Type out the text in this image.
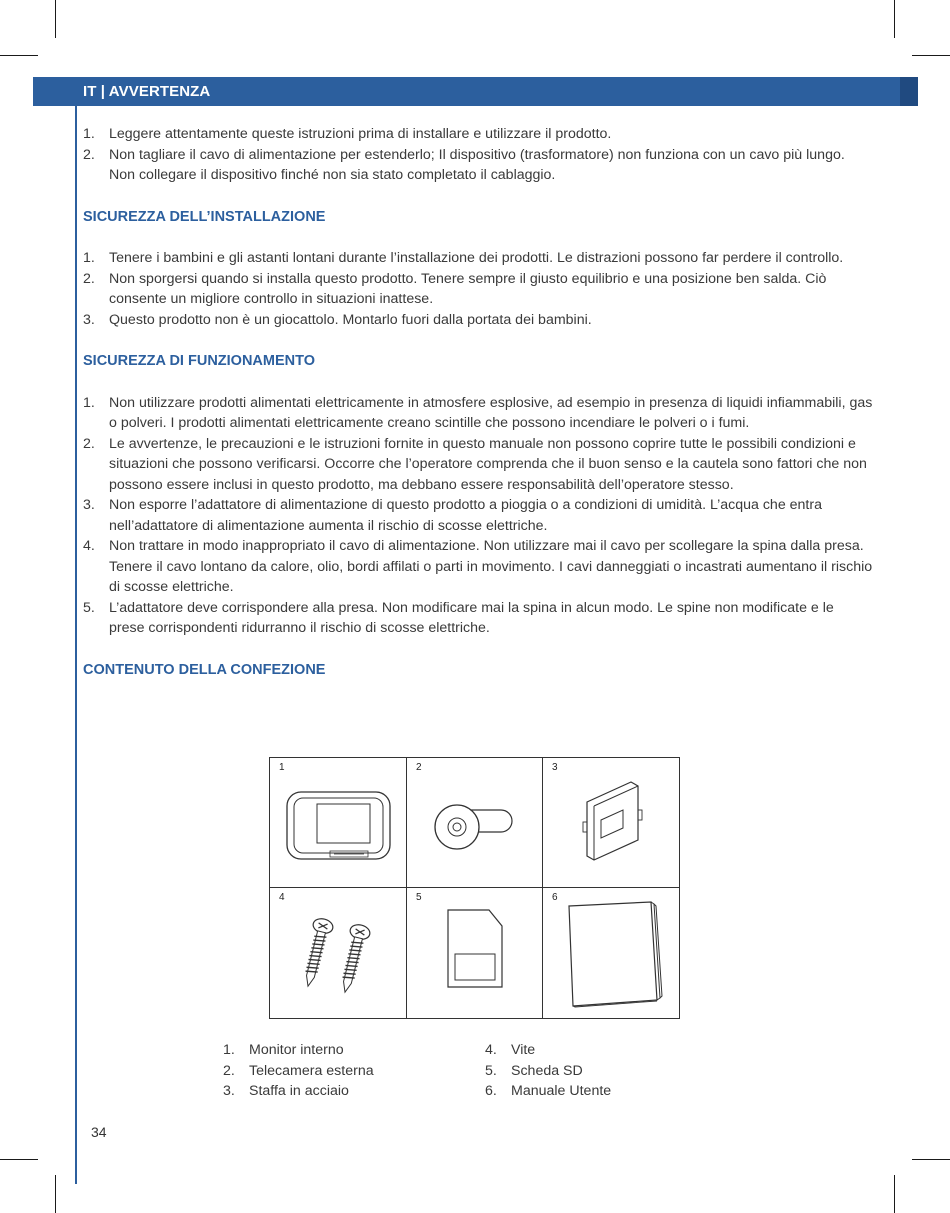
IT | AVVERTENZA
1. Leggere attentamente queste istruzioni prima di installare e utilizzare il prodotto.
2. Non tagliare il cavo di alimentazione per estenderlo; Il dispositivo (trasformatore) non funziona con un cavo più lungo. Non collegare il dispositivo finché non sia stato completato il cablaggio.
SICUREZZA DELL’INSTALLAZIONE
1. Tenere i bambini e gli astanti lontani durante l’installazione dei prodotti. Le distrazioni possono far perdere il controllo.
2. Non sporgersi quando si installa questo prodotto. Tenere sempre il giusto equilibrio e una posizione ben salda. Ciò consente un migliore controllo in situazioni inattese.
3. Questo prodotto non è un giocattolo. Montarlo fuori dalla portata dei bambini.
SICUREZZA DI FUNZIONAMENTO
1. Non utilizzare prodotti alimentati elettricamente in atmosfere esplosive, ad esempio in presenza di liquidi infiammabili, gas o polveri. I prodotti alimentati elettricamente creano scintille che possono incendiare le polveri o i fumi.
2. Le avvertenze, le precauzioni e le istruzioni fornite in questo manuale non possono coprire tutte le possibili condizioni e situazioni che possono verificarsi. Occorre che l’operatore comprenda che il buon senso e la cautela sono fattori che non possono essere inclusi in questo prodotto, ma debbano essere responsabilità dell’operatore stesso.
3. Non esporre l’adattatore di alimentazione di questo prodotto a pioggia o a condizioni di umidità. L’acqua che entra nell’adattatore di alimentazione aumenta il rischio di scosse elettriche.
4. Non trattare in modo inappropriato il cavo di alimentazione. Non utilizzare mai il cavo per scollegare la spina dalla presa. Tenere il cavo lontano da calore, olio, bordi affilati o parti in movimento. I cavi danneggiati o incastrati aumentano il rischio di scosse elettriche.
5. L’adattatore deve corrispondere alla presa. Non modificare mai la spina in alcun modo. Le spine non modificate e le prese corrispondenti ridurranno il rischio di scosse elettriche.
CONTENUTO DELLA CONFEZIONE
1	2	3
4	5	6
1. Monitor interno
2. Telecamera esterna
3. Staffa in acciaio
4. Vite
5. Scheda SD
6. Manuale Utente
34
